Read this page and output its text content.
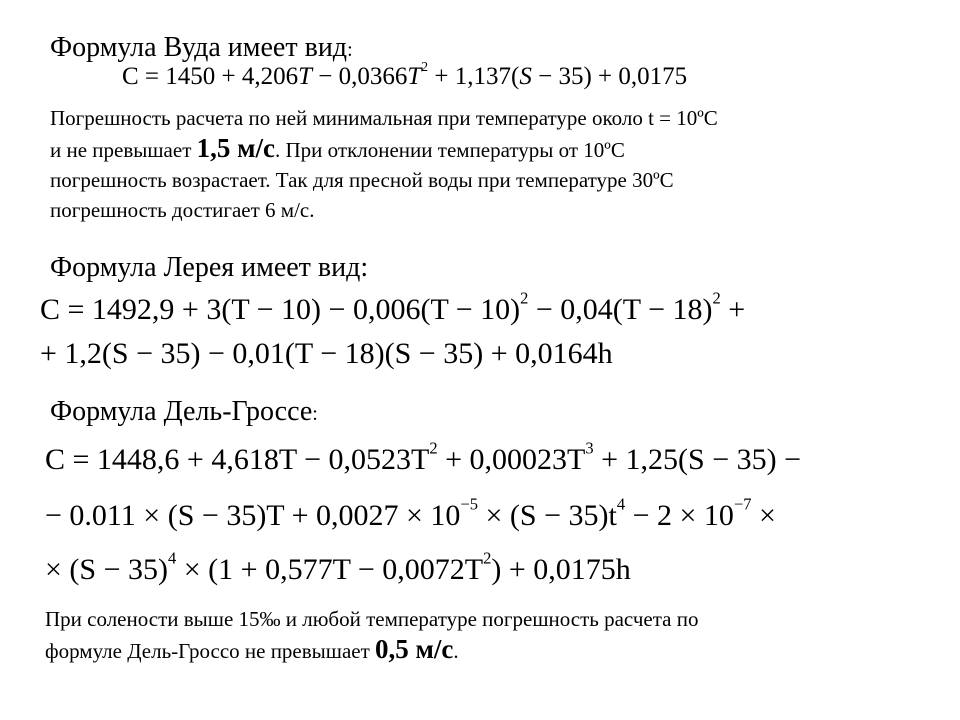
Формула Вуда имеет вид:
$C = 1450 + 4,206T - 0,0366T^2 + 1,137(S - 35) + 0,0175$
Погрешность расчета по ней минимальная при температуре около t = 10ºC
и не превышает 1,5 м/с. При отклонении температуры от 10ºC
погрешность возрастает. Так для пресной воды при температуре 30ºC
погрешность достигает 6 м/с.
Формула Лерея имеет вид:
$C = 1492,9 + 3(T - 10) - 0,006(T - 10)^2 - 0,04(T - 18)^2$ +
+ 1,2(S − 35) − 0,01(T − 18)(S − 35) + 0,0164h
Формула Дель-Гроссе:
$C = 1448,6 + 4,618T - 0,0523T^2 + 0,00023T^3 + 1,25(S - 35)$ −
− $0.011 \times (S - 35)T + 0,0027 \times 10^{-5} \times (S - 35)t^4 - 2 \times 10^{-7}$ ×
× $(S - 35)^4 \times (1 + 0,577T - 0,0072T^2) + 0,0175h$
При солености выше 15‰ и любой температуре погрешность расчета по
формуле Дель-Гроссо не превышает 0,5 м/с.
